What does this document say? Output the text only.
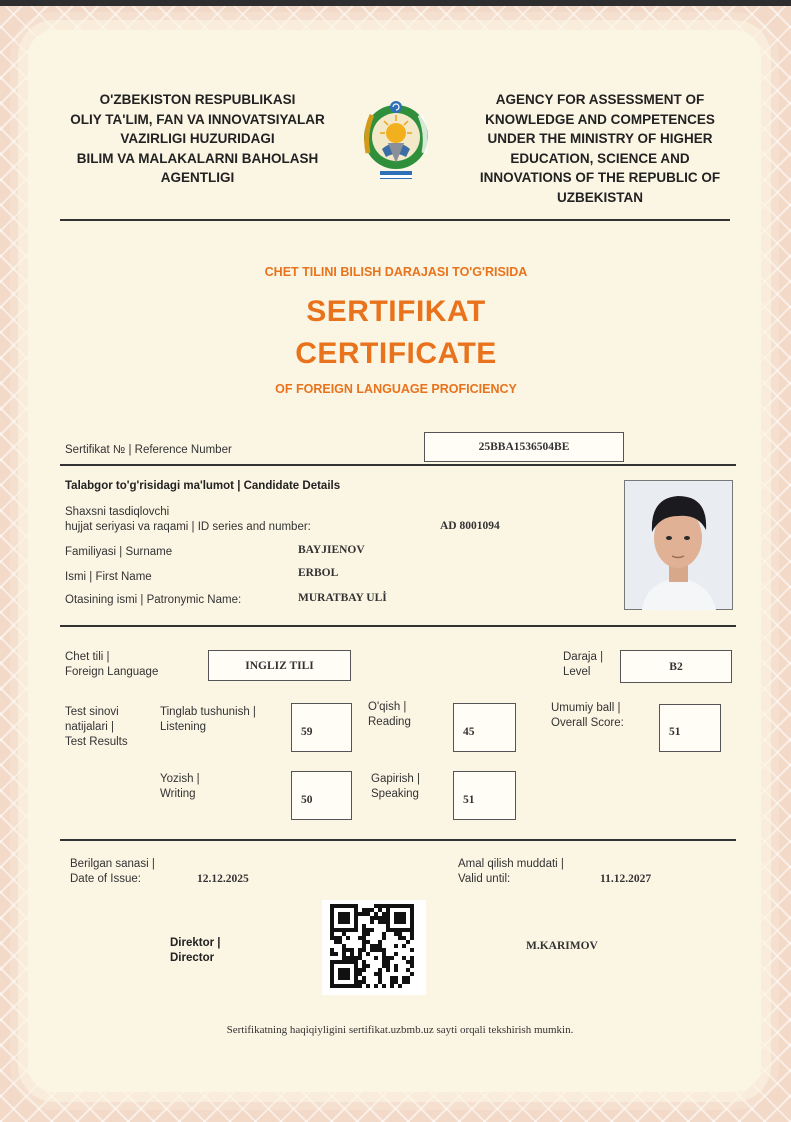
O'ZBEKISTON RESPUBLIKASI
OLIY TA'LIM, FAN VA INNOVATSIYALAR
VAZIRLIGI HUZURIDAGI
BILIM VA MALAKALARNI BAHOLASH
AGENTLIGI
AGENCY FOR ASSESSMENT OF
KNOWLEDGE AND COMPETENCES
UNDER THE MINISTRY OF HIGHER
EDUCATION, SCIENCE AND
INNOVATIONS OF THE REPUBLIC OF
UZBEKISTAN
CHET TILINI BILISH DARAJASI TO'G'RISIDA
SERTIFIKAT
CERTIFICATE
OF FOREIGN LANGUAGE PROFICIENCY
Sertifikat № | Reference Number	25BBA1536504BE
Talabgor to'g'risidagi ma'lumot | Candidate Details
Shaxsni tasdiqlovchi
hujjat seriyasi va raqami | ID series and number:	AD 8001094
Familiyasi | Surname	BAYJIENOV
Ismi | First Name	ERBOL
Otasining ismi | Patronymic Name:	MURATBAY ULİ
Chet tili |
Foreign Language
INGLIZ TILI
Daraja |
Level	B2
Test sinovi
natijalari |
Test Results
Tinglab tushunish |
Listening	59
O'qish |
Reading
45
Umumiy ball |
Overall Score:
51
Yozish |
Writing	50
Gapirish |
Speaking	51
Berilgan sanasi |
Date of Issue:	12.12.2025
Amal qilish muddati |
Valid until:	11.12.2027
Direktor |
Director
M.KARIMOV
Sertifikatning haqiqiyligini sertifikat.uzbmb.uz sayti orqali tekshirish mumkin.
